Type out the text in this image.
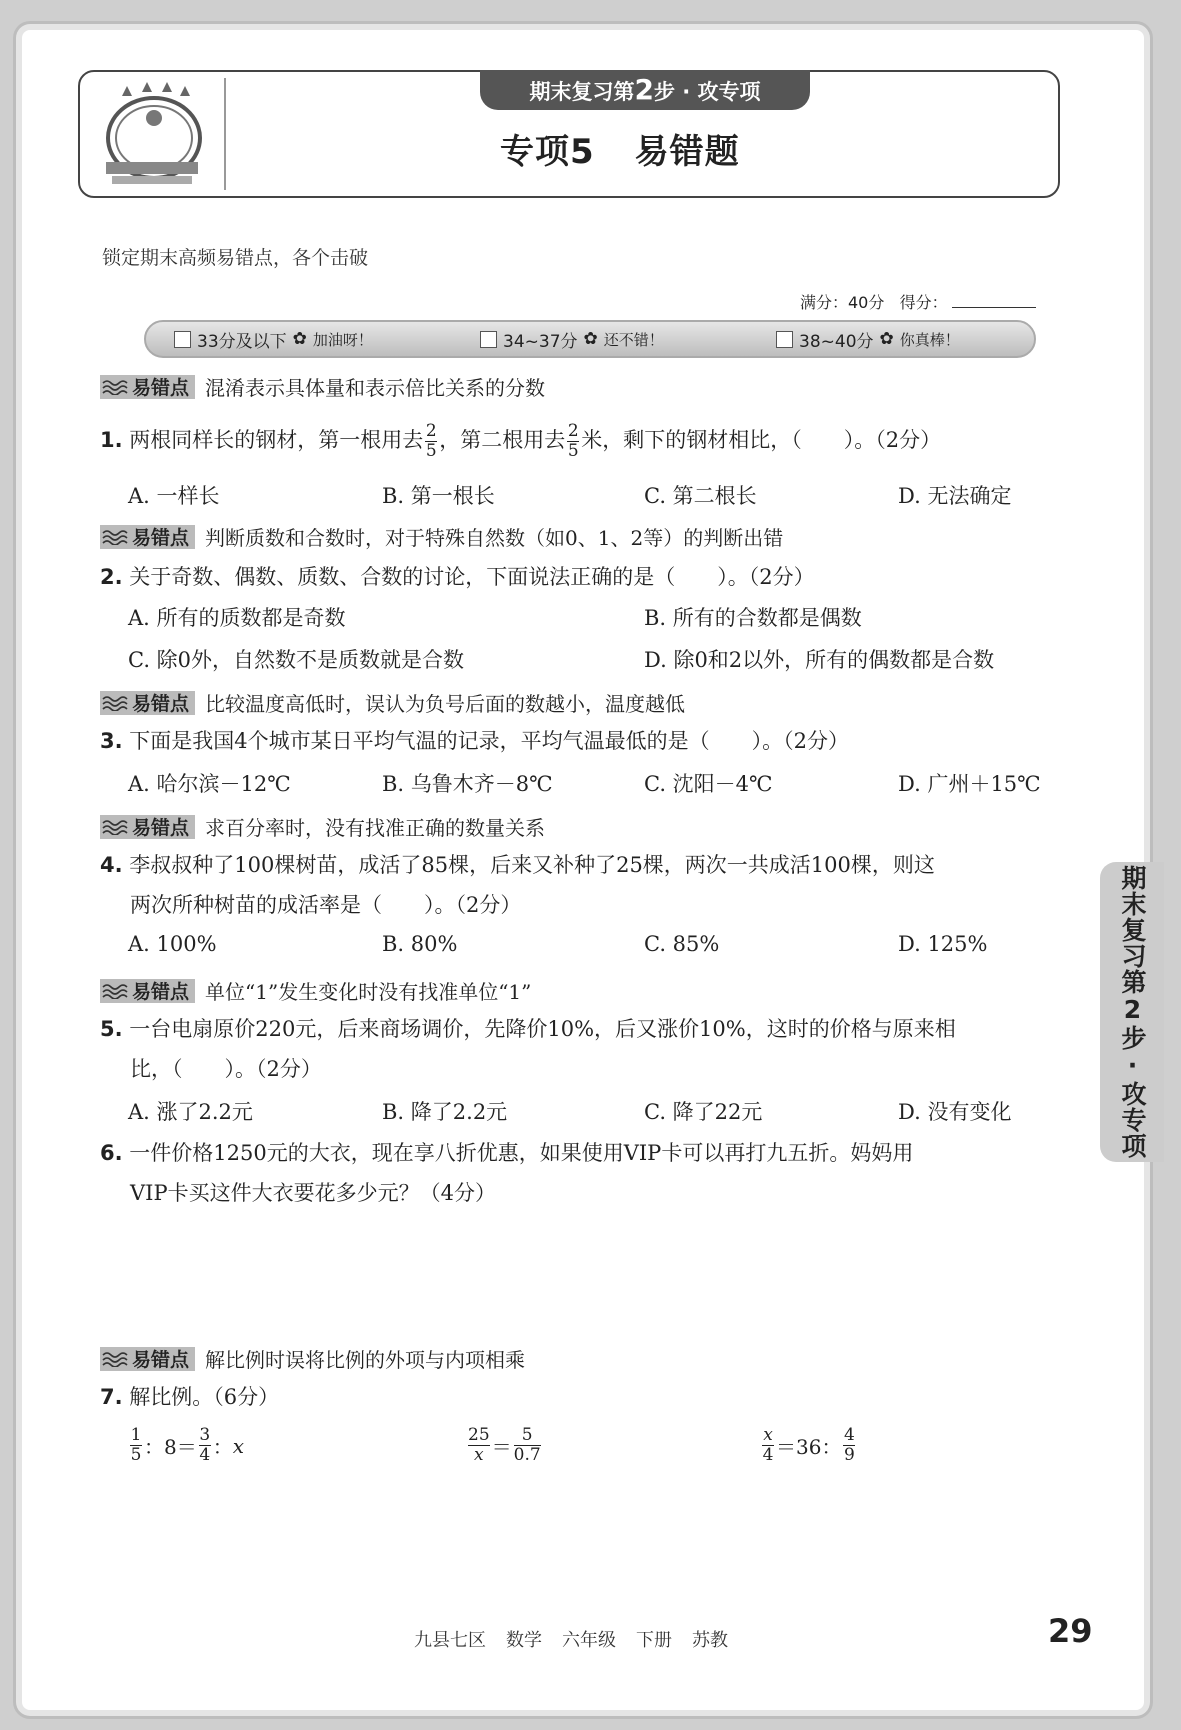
期末复习第2步 · 攻专项
专项5 易错题
锁定期末高频易错点，各个击破
满分：40分 得分：
33分及以下 ✿ 加油呀！	34~37分 ✿ 还不错！	38~40分 ✿ 你真棒！
易错点 混淆表示具体量和表示倍比关系的分数
1. 两根同样长的钢材，第一根用去 $\frac{2}{5}$ ，第二根用去 $\frac{2}{5}$ 米，剩下的钢材相比，（　　）。（2分）
A. 一样长	B. 第一根长	C. 第二根长	D. 无法确定
易错点 判断质数和合数时，对于特殊自然数（如0、1、2等）的判断出错
2. 关于奇数、偶数、质数、合数的讨论，下面说法正确的是（　　）。（2分）
A. 所有的质数都是奇数	B. 所有的合数都是偶数
C. 除0外，自然数不是质数就是合数	D. 除0和2以外，所有的偶数都是合数
易错点 比较温度高低时，误认为负号后面的数越小，温度越低
3. 下面是我国4个城市某日平均气温的记录，平均气温最低的是（　　）。（2分）
A. 哈尔滨－12℃	B. 乌鲁木齐－8℃	C. 沈阳－4℃	D. 广州＋15℃
易错点 求百分率时，没有找准正确的数量关系
4. 李叔叔种了100棵树苗，成活了85棵，后来又补种了25棵，两次一共成活100棵，则这
两次所种树苗的成活率是（　　）。（2分）
A. 100%	B. 80%	C. 85%	D. 125%
易错点 单位“1”发生变化时没有找准单位“1”
5. 一台电扇原价220元，后来商场调价，先降价10%，后又涨价10%，这时的价格与原来相
比，（　　）。（2分）
A. 涨了2.2元	B. 降了2.2元	C. 降了22元	D. 没有变化
6. 一件价格1250元的大衣，现在享八折优惠，如果使用VIP卡可以再打九五折。妈妈用
VIP卡买这件大衣要花多少元？（4分）
易错点 解比例时误将比例的外项与内项相乘
7. 解比例。（6分）
$\frac{1}{5}$ ：$8= \frac{3}{4}$ ： x	$\frac{25}{x} = \frac{5}{0.7}$	$\frac{x}{4} =36$： $\frac{4}{9}$
期末复习第2步·攻专项
九县七区 数学 六年级 下册 苏教	29
